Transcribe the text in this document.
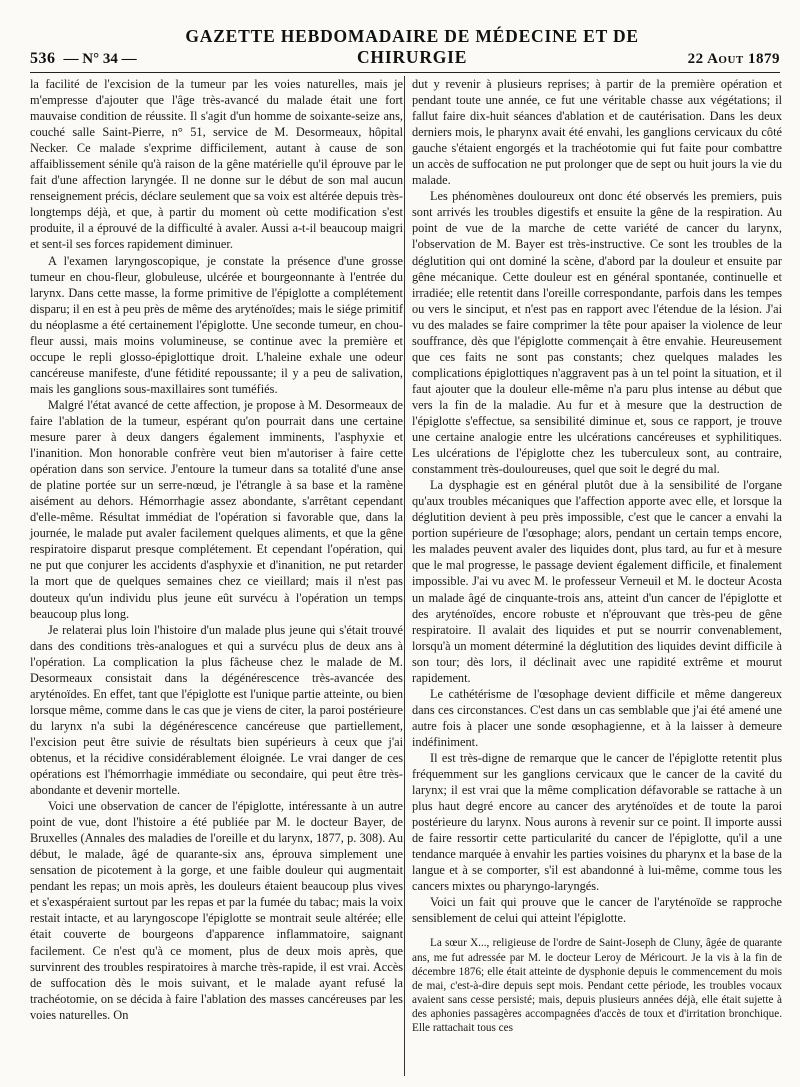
536 — N° 34 —
GAZETTE HEBDOMADAIRE DE MÉDECINE ET DE CHIRURGIE	22 Aout 1879

la facilité de l'excision de la tumeur par les voies naturelles, mais je m'empresse d'ajouter que l'âge très-avancé du malade était une fort mauvaise condition de réussite. Il s'agit d'un homme de soixante-seize ans, couché salle Saint-Pierre, n° 51, service de M. Desormeaux, hôpital Necker. Ce malade s'exprime difficilement, autant à cause de son affaiblissement sénile qu'à raison de la gêne matérielle qu'il éprouve par le fait d'une affection laryngée. Il ne donne sur le début de son mal aucun renseignement précis, déclare seulement que sa voix est altérée depuis très-longtemps déjà, et que, à partir du moment où cette modification s'est produite, il a éprouvé de la difficulté à avaler. Aussi a-t-il beaucoup maigri et sent-il ses forces rapidement diminuer.

A l'examen laryngoscopique, je constate la présence d'une grosse tumeur en chou-fleur, globuleuse, ulcérée et bourgeonnante à l'entrée du larynx. Dans cette masse, la forme primitive de l'épiglotte a complétement disparu; il en est à peu près de même des aryténoïdes; mais le siége primitif du néoplasme a été certainement l'épiglotte. Une seconde tumeur, en chou-fleur aussi, mais moins volumineuse, se continue avec la première et occupe le repli glosso-épiglottique droit. L'haleine exhale une odeur cancéreuse manifeste, d'une fétidité repoussante; il y a peu de salivation, mais les ganglions sous-maxillaires sont tuméfiés.

Malgré l'état avancé de cette affection, je propose à M. Desormeaux de faire l'ablation de la tumeur, espérant qu'on pourrait dans une certaine mesure parer à deux dangers également imminents, l'asphyxie et l'inanition. Mon honorable confrère veut bien m'autoriser à faire cette opération dans son service. J'entoure la tumeur dans sa totalité d'une anse de platine portée sur un serre-nœud, je l'étrangle à sa base et la ramène aisément au dehors. Hémorrhagie assez abondante, s'arrêtant cependant d'elle-même. Résultat immédiat de l'opération si favorable que, dans la journée, le malade put avaler facilement quelques aliments, et que la gêne respiratoire disparut presque complétement. Et cependant l'opération, qui ne put que conjurer les accidents d'asphyxie et d'inanition, ne put retarder la mort que de quelques semaines chez ce vieillard; mais il n'est pas douteux qu'un individu plus jeune eût survécu à l'opération un temps beaucoup plus long.

Je relaterai plus loin l'histoire d'un malade plus jeune qui s'était trouvé dans des conditions très-analogues et qui a survécu plus de deux ans à l'opération. La complication la plus fâcheuse chez le malade de M. Desormeaux consistait dans la dégénérescence très-avancée des aryténoïdes. En effet, tant que l'épiglotte est l'unique partie atteinte, ou bien lorsque même, comme dans le cas que je viens de citer, la paroi postérieure du larynx n'a subi la dégénérescence cancéreuse que partiellement, l'excision peut être suivie de résultats bien supérieurs à ceux que j'ai obtenus, et la récidive considérablement éloignée. Le vrai danger de ces opérations est l'hémorrhagie immédiate ou secondaire, qui peut être très-abondante et devenir mortelle.

Voici une observation de cancer de l'épiglotte, intéressante à un autre point de vue, dont l'histoire a été publiée par M. le docteur Bayer, de Bruxelles (Annales des maladies de l'oreille et du larynx, 1877, p. 308). Au début, le malade, âgé de quarante-six ans, éprouva simplement une sensation de picotement à la gorge, et une faible douleur qui augmentait pendant les repas; un mois après, les douleurs étaient beaucoup plus vives et s'exaspéraient surtout par les repas et par la fumée du tabac; mais la voix restait intacte, et au laryngoscope l'épiglotte se montrait seule altérée; elle était couverte de bourgeons d'apparence inflammatoire, saignant facilement. Ce n'est qu'à ce moment, plus de deux mois après, que survinrent des troubles respiratoires à marche très-rapide, il est vrai. Accès de suffocation dès le mois suivant, et le malade ayant refusé la trachéotomie, on se décida à faire l'ablation des masses cancéreuses par les voies naturelles. On

dut y revenir à plusieurs reprises; à partir de la première opération et pendant toute une année, ce fut une véritable chasse aux végétations; il fallut faire dix-huit séances d'ablation et de cautérisation. Dans les deux derniers mois, le pharynx avait été envahi, les ganglions cervicaux du côté gauche s'étaient engorgés et la trachéotomie qui fut faite pour combattre un accès de suffocation ne put prolonger que de sept ou huit jours la vie du malade.

Les phénomènes douloureux ont donc été observés les premiers, puis sont arrivés les troubles digestifs et ensuite la gêne de la respiration. Au point de vue de la marche de cette variété de cancer du larynx, l'observation de M. Bayer est très-instructive. Ce sont les troubles de la déglutition qui ont dominé la scène, d'abord par la douleur et ensuite par gêne mécanique. Cette douleur est en général spontanée, continuelle et irradiée; elle retentit dans l'oreille correspondante, parfois dans les tempes ou vers le sinciput, et n'est pas en rapport avec l'étendue de la lésion. J'ai vu des malades se faire comprimer la tête pour apaiser la violence de leur souffrance, dès que l'épiglotte commençait à être envahie. Heureusement que ces faits ne sont pas constants; chez quelques malades les complications épiglottiques n'aggravent pas à un tel point la situation, et il faut ajouter que la douleur elle-même n'a paru plus intense au début que vers la fin de la maladie. Au fur et à mesure que la destruction de l'épiglotte s'effectue, sa sensibilité diminue et, sous ce rapport, je trouve une certaine analogie entre les ulcérations cancéreuses et syphilitiques. Les ulcérations de l'épiglotte chez les tuberculeux sont, au contraire, constamment très-douloureuses, quel que soit le degré du mal.

La dysphagie est en général plutôt due à la sensibilité de l'organe qu'aux troubles mécaniques que l'affection apporte avec elle, et lorsque la déglutition devient à peu près impossible, c'est que le cancer a envahi la portion supérieure de l'œsophage; alors, pendant un certain temps encore, les malades peuvent avaler des liquides dont, plus tard, au fur et à mesure que le mal progresse, le passage devient également difficile, et finalement impossible. J'ai vu avec M. le professeur Verneuil et M. le docteur Acosta un malade âgé de cinquante-trois ans, atteint d'un cancer de l'épiglotte et des aryténoïdes, encore robuste et n'éprouvant que très-peu de gêne respiratoire. Il avalait des liquides et put se nourrir convenablement, lorsqu'à un moment déterminé la déglutition des liquides devint difficile à son tour; dès lors, il déclinait avec une rapidité extrême et mourut rapidement.

Le cathétérisme de l'œsophage devient difficile et même dangereux dans ces circonstances. C'est dans un cas semblable que j'ai été amené une autre fois à placer une sonde œsophagienne, et à la laisser à demeure indéfiniment.

Il est très-digne de remarque que le cancer de l'épiglotte retentit plus fréquemment sur les ganglions cervicaux que le cancer de la cavité du larynx; il est vrai que la même complication défavorable se rattache à un plus haut degré encore au cancer des aryténoïdes et de toute la paroi postérieure du larynx. Nous aurons à revenir sur ce point. Il importe aussi de faire ressortir cette particularité du cancer de l'épiglotte, qu'il a une tendance marquée à envahir les parties voisines du pharynx et la base de la langue et à se comporter, s'il est abandonné à lui-même, comme tous les cancers mixtes ou pharyngo-laryngés.

Voici un fait qui prouve que le cancer de l'aryténoïde se rapproche sensiblement de celui qui atteint l'épiglotte.

La sœur X..., religieuse de l'ordre de Saint-Joseph de Cluny, âgée de quarante ans, me fut adressée par M. le docteur Leroy de Méricourt. Je la vis à la fin de décembre 1876; elle était atteinte de dysphonie depuis le commencement du mois de mai, c'est-à-dire depuis sept mois. Pendant cette période, les troubles vocaux avaient sans cesse persisté; mais, depuis plusieurs années déjà, elle était sujette à des aphonies passagères accompagnées d'accès de toux et d'irritation bronchique. Elle rattachait tous ces
